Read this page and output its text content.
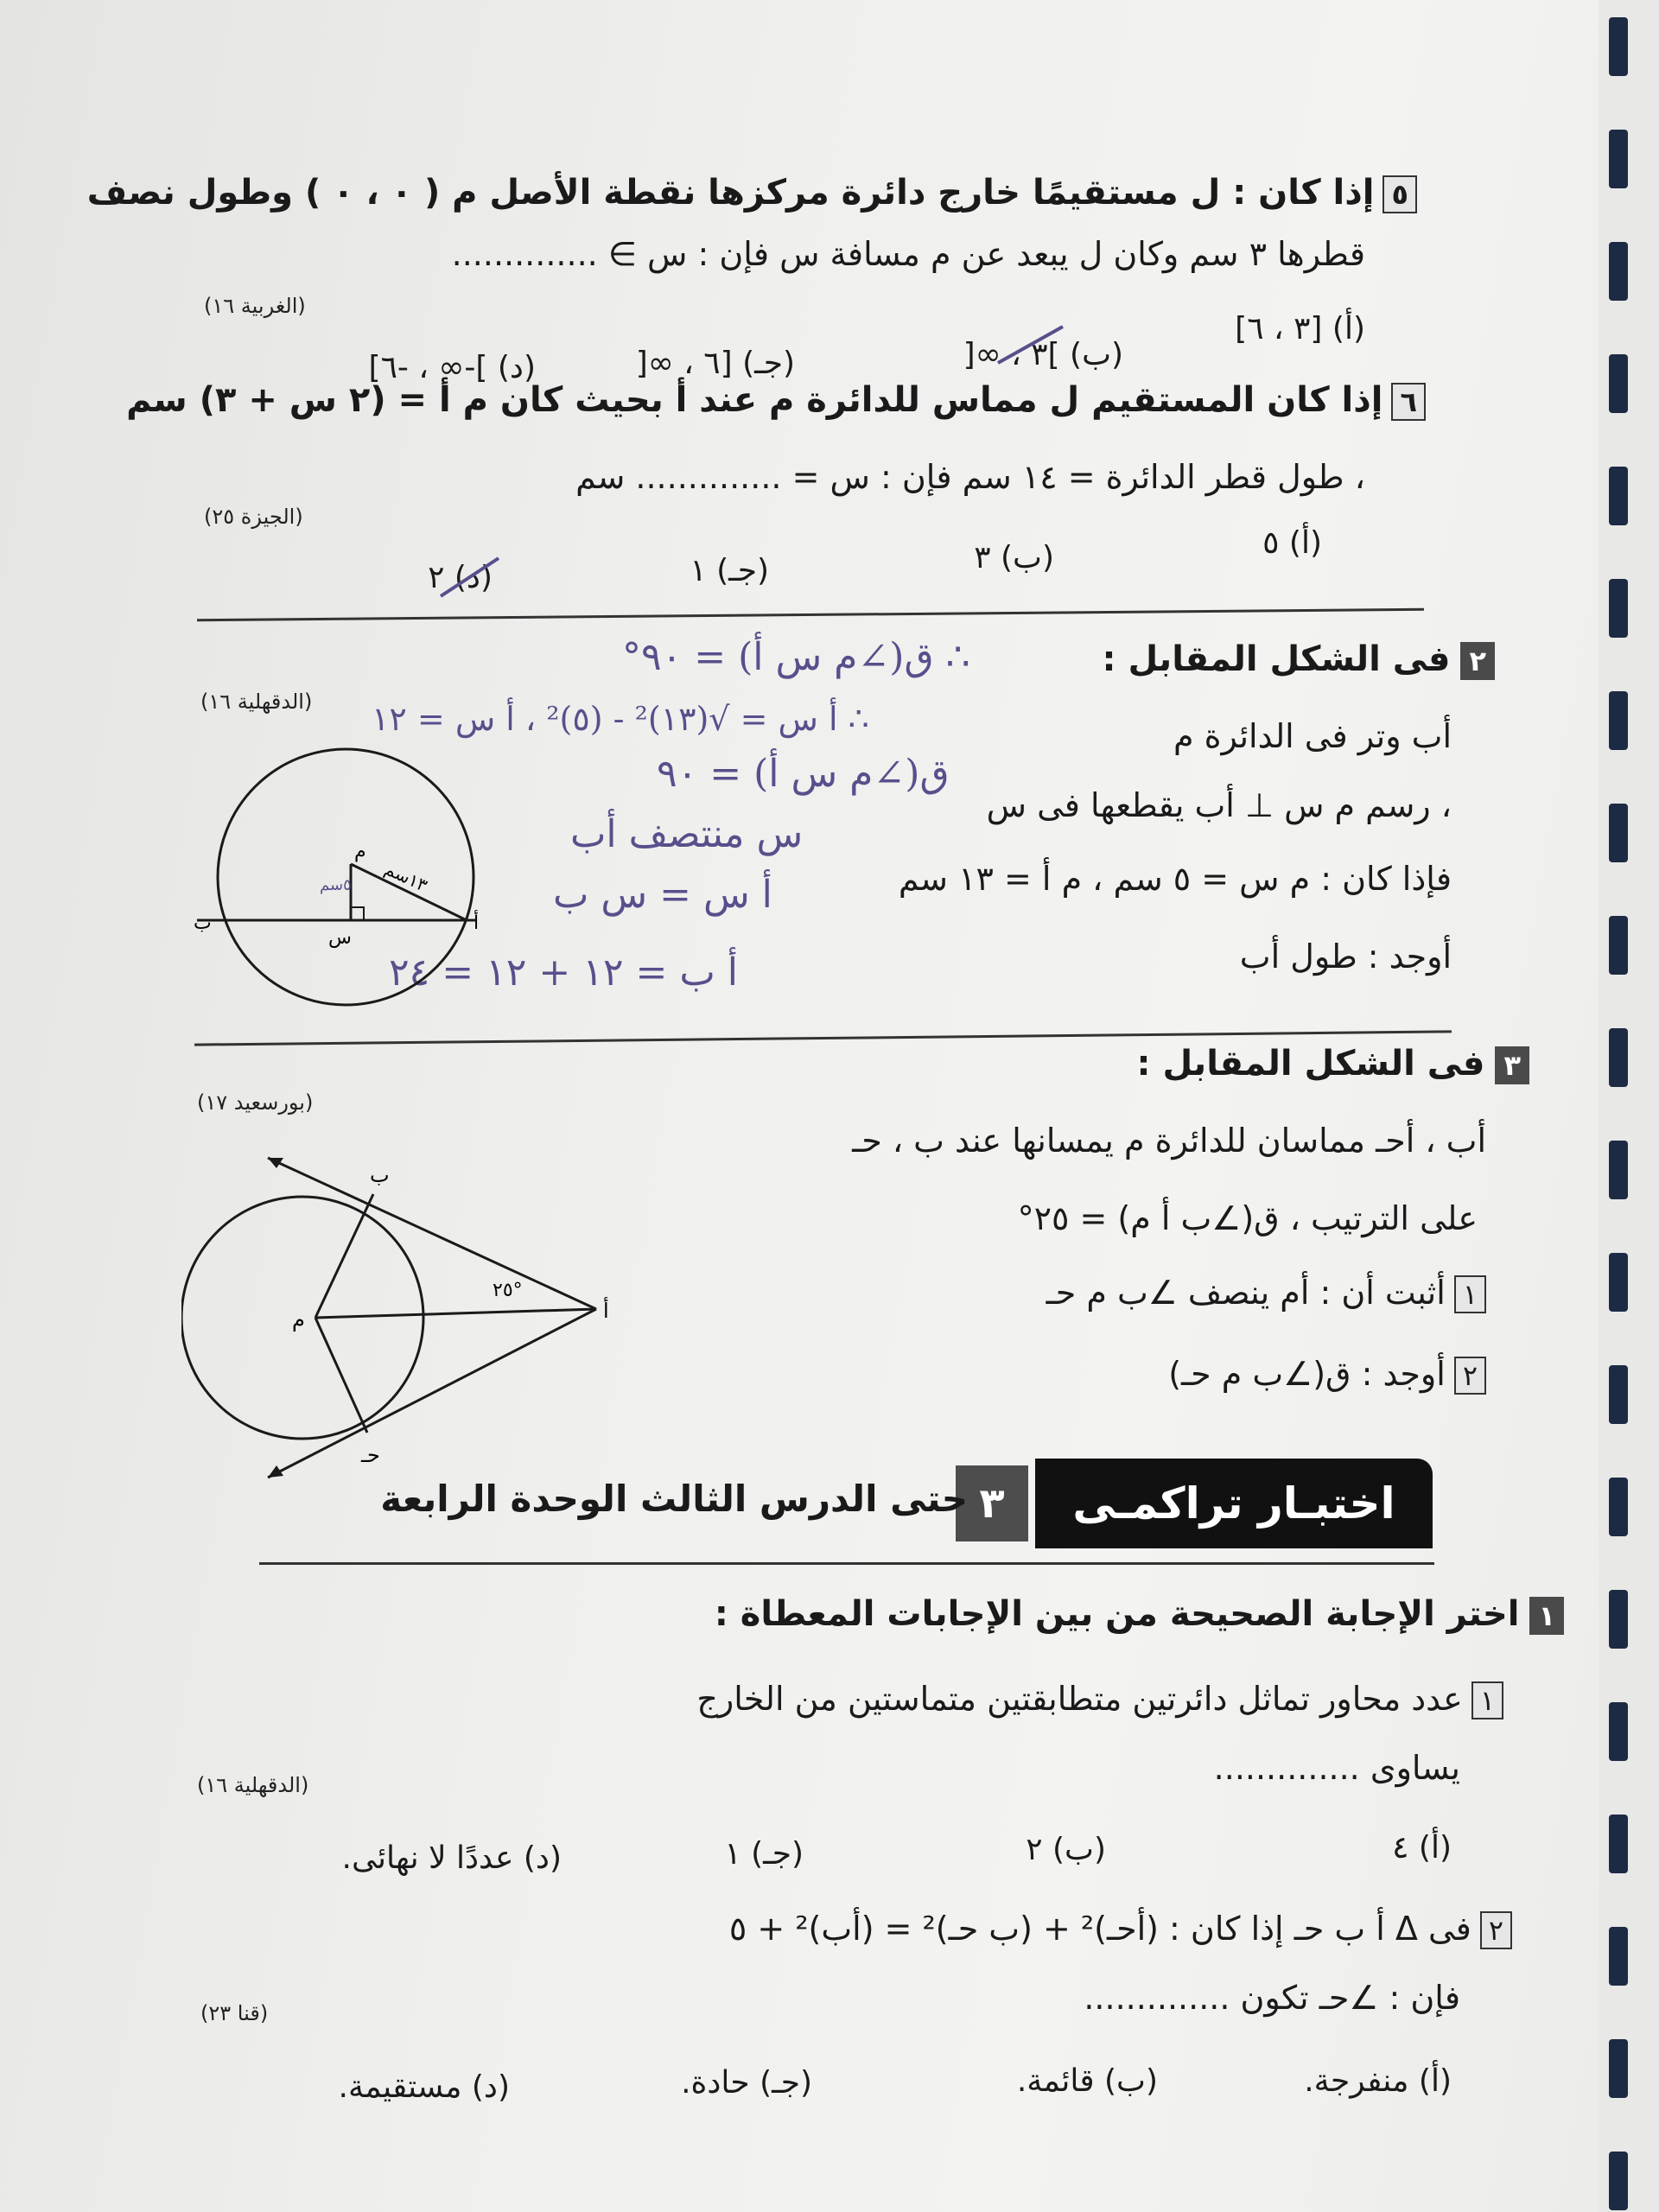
٥إذا كان : ل مستقيمًا خارج دائرة مركزها نقطة الأصل م ( ٠ ، ٠ ) وطول نصف
قطرها ٣ سم وكان ل يبعد عن م مسافة س فإن : س ∋ ..............
(الغربية ١٦)
(أ) [٣ ، ٦]
(ب) ]٣ ، ∞[
(جـ) [٦ ، ∞[
(د) ]-∞ ، -٦]
٦إذا كان المستقيم ل مماس للدائرة م عند أ بحيث كان م أ = (٢ س + ٣) سم
، طول قطر الدائرة = ١٤ سم فإن : س = .............. سم
(الجيزة ٢٥)
(أ) ٥
(ب) ٣
(جـ) ١
(د) ٢
٢فى الشكل المقابل :
(الدقهلية ١٦)
أب وتر فى الدائرة م
، رسم م س ⊥ أب يقطعها فى س
فإذا كان : م س = ٥ سم ، م أ = ١٣ سم
أوجد : طول أب
∴ ق(∠م س أ) = ٩٠°
∴ أ س = √(١٣)² - (٥)² ، أ س = ١٢
ق(∠م س أ) = ٩٠
س منتصف أب
أ س = س ب
أ ب = ١٢ + ١٢ = ٢٤
م
أ
ب
س
١٣سم
٥سم
٣فى الشكل المقابل :
(بورسعيد ١٧)
أب ، أحـ مماسان للدائرة م يمسانها عند ب ، حـ
على الترتيب ، ق(∠ب أ م) = ٢٥°
١أثبت أن : أم ينصف ∠ب م حـ
٢أوجد : ق(∠ب م حـ)
م	أ
ب
حـ
٢٥°
اختبـار تراكمـى
٣
حتى الدرس الثالث الوحدة الرابعة
١اختر الإجابة الصحيحة من بين الإجابات المعطاة :
١عدد محاور تماثل دائرتين متطابقتين متماستين من الخارج
يساوى ..............
(الدقهلية ١٦)
(أ) ٤
(ب) ٢
(جـ) ١
(د) عددًا لا نهائى.
٢فى Δ أ ب حـ إذا كان : (أحـ)² + (ب حـ)² = (أب)² + ٥
فإن : ∠حـ تكون ..............
(قنا ٢٣)
(أ) منفرجة.
(ب) قائمة.
(جـ) حادة.
(د) مستقيمة.
